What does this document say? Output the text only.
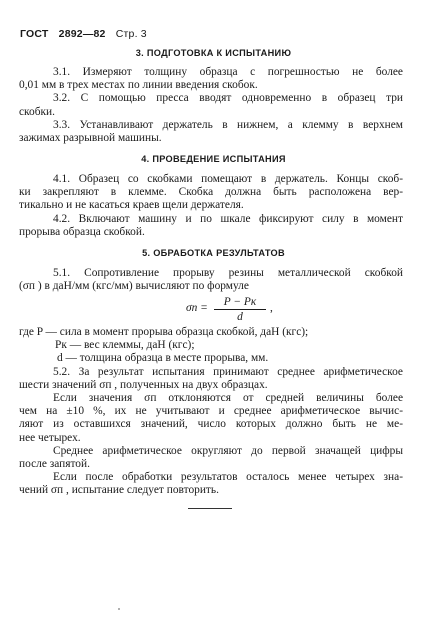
ГОСТ 2892—82 Стр. 3
3. ПОДГОТОВКА К ИСПЫТАНИЮ
3.1. Измеряют толщину образца с погрешностью не более
0,01 мм в трех местах по линии введения скобок.
3.2. С помощью пресса вводят одновременно в образец три
скобки.
3.3. Устанавливают держатель в нижнем, а клемму в верхнем
зажимах разрывной машины.
4. ПРОВЕДЕНИЕ ИСПЫТАНИЯ
4.1. Образец со скобками помещают в держатель. Концы скоб-
ки закрепляют в клемме. Скобка должна быть расположена вер-
тикально и не касаться краев щели держателя.
4.2. Включают машину и по шкале фиксируют силу в момент
прорыва образца скобкой.
5. ОБРАБОТКА РЕЗУЛЬТАТОВ
5.1. Сопротивление прорыву резины металлической скобкой
(σп ) в даН/мм (кгс/мм) вычисляют по формуле
σп =	P − Pк
d
,
где P — сила в момент прорыва образца скобкой, даН (кгс);
Pк — вес клеммы, даН (кгс);
d — толщина образца в месте прорыва, мм.
5.2. За результат испытания принимают среднее арифметическое
шести значений σп , полученных на двух образцах.
Если значения σп отклоняются от средней величины более
чем на ±10 %, их не учитывают и среднее арифметическое вычис-
ляют из оставшихся значений, число которых должно быть не ме-
нее четырех.
Среднее арифметическое округляют до первой значащей цифры
после запятой.
Если после обработки результатов осталось менее четырех зна-
чений σп , испытание следует повторить.
